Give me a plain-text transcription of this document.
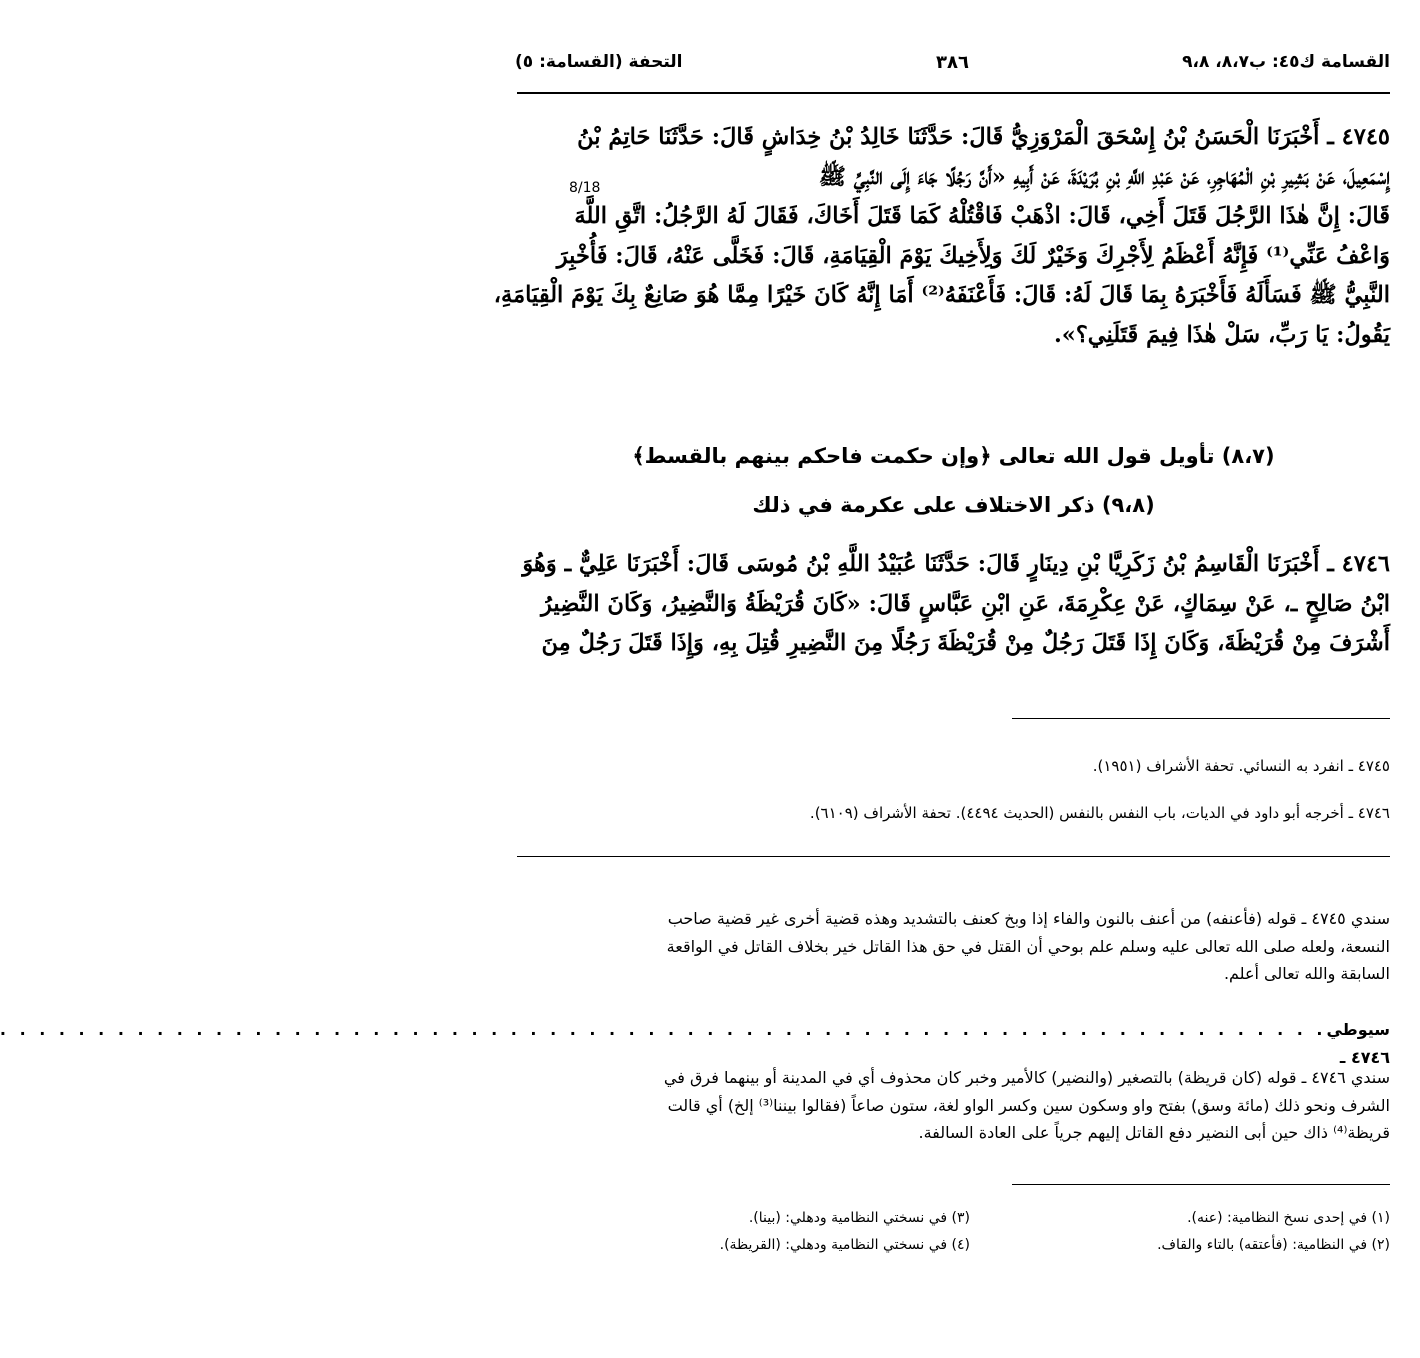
القسامة ك٤٥: ب٨،٧، ٩،٨
٣٨٦
التحفة (القسامة: ٥)
8/18
٤٧٤٥ ـ أَخْبَرَنَا الْحَسَنُ بْنُ إِسْحَقَ الْمَرْوَزِيُّ قَالَ: حَدَّثَنَا خَالِدُ بْنُ خِدَاشٍ قَالَ: حَدَّثَنَا حَاتِمُ بْنُ
إِسْمَعِيلَ، عَنْ بَشِيرِ بْنِ الْمُهَاجِرِ، عَنْ عَبْدِ اللَّهِ بْنِ بُرَيْدَةَ، عَنْ أَبِيهِ «أَنَّ رَجُلًا جَاءَ إِلَى النَّبِيِّ ﷺ
قَالَ: إِنَّ هٰذَا الرَّجُلَ قَتَلَ أَخِي، قَالَ: اذْهَبْ فَاقْتُلْهُ كَمَا قَتَلَ أَخَاكَ، فَقَالَ لَهُ الرَّجُلُ: اتَّقِ اللَّهَ
وَاعْفُ عَنِّي⁽¹⁾ فَإِنَّهُ أَعْظَمُ لِأَجْرِكَ وَخَيْرٌ لَكَ وَلِأَخِيكَ يَوْمَ الْقِيَامَةِ، قَالَ: فَخَلَّى عَنْهُ، قَالَ: فَأُخْبِرَ
النَّبِيُّ ﷺ فَسَأَلَهُ فَأَخْبَرَهُ بِمَا قَالَ لَهُ: قَالَ: فَأَعْنَفَهُ⁽²⁾ أَمَا إِنَّهُ كَانَ خَيْرًا مِمَّا هُوَ صَانِعٌ بِكَ يَوْمَ الْقِيَامَةِ،
يَقُولُ: يَا رَبِّ، سَلْ هٰذَا فِيمَ قَتَلَنِي؟».
(٨،٧) تأويل قول الله تعالى ﴿وإن حكمت فاحكم بينهم بالقسط﴾
(٩،٨) ذكر الاختلاف على عكرمة في ذلك
٤٧٤٦ ـ أَخْبَرَنَا الْقَاسِمُ بْنُ زَكَرِيَّا بْنِ دِينَارٍ قَالَ: حَدَّثَنَا عُبَيْدُ اللَّهِ بْنُ مُوسَى قَالَ: أَخْبَرَنَا عَلِيٌّ ـ وَهُوَ
ابْنُ صَالِحٍ ـ، عَنْ سِمَاكٍ، عَنْ عِكْرِمَةَ، عَنِ ابْنِ عَبَّاسٍ قَالَ: «كَانَ قُرَيْظَةُ وَالنَّضِيرُ، وَكَانَ النَّضِيرُ
أَشْرَفَ مِنْ قُرَيْظَةَ، وَكَانَ إِذَا قَتَلَ رَجُلٌ مِنْ قُرَيْظَةَ رَجُلًا مِنَ النَّضِيرِ قُتِلَ بِهِ، وَإِذَا قَتَلَ رَجُلٌ مِنَ
٤٧٤٥ ـ انفرد به النسائي. تحفة الأشراف (١٩٥١).
٤٧٤٦ ـ أخرجه أبو داود في الديات، باب النفس بالنفس (الحديث ٤٤٩٤). تحفة الأشراف (٦١٠٩).
سندي ٤٧٤٥ ـ قوله (فأعنفه) من أعنف بالنون والفاء إذا وبخ كعنف بالتشديد وهذه قضية أخرى غير قضية صاحب
النسعة، ولعله صلى الله تعالى عليه وسلم علم بوحي أن القتل في حق هذا القاتل خير بخلاف القاتل في الواقعة
السابقة والله تعالى أعلم.
سيوطي ٤٧٤٦ ـ
. . . . . . . . . . . . . . . . . . . . . . . . . . . . . . . . . . . . . . . . . . . . . . . . . . . . . . . . . . . . . . . . . . . .
سندي ٤٧٤٦ ـ قوله (كان قريظة) بالتصغير (والنضير) كالأمير وخبر كان محذوف أي في المدينة أو بينهما فرق في
الشرف ونحو ذلك (مائة وسق) بفتح واو وسكون سين وكسر الواو لغة، ستون صاعاً (فقالوا بيننا⁽³⁾ إلخ) أي قالت
قريظة⁽⁴⁾ ذاك حين أبى النضير دفع القاتل إليهم جرياً على العادة السالفة.
(١) في إحدى نسخ النظامية: (عنه).
(٢) في النظامية: (فأعتقه) بالتاء والقاف.
(٣) في نسختي النظامية ودهلي: (بينا).
(٤) في نسختي النظامية ودهلي: (القريظة).
